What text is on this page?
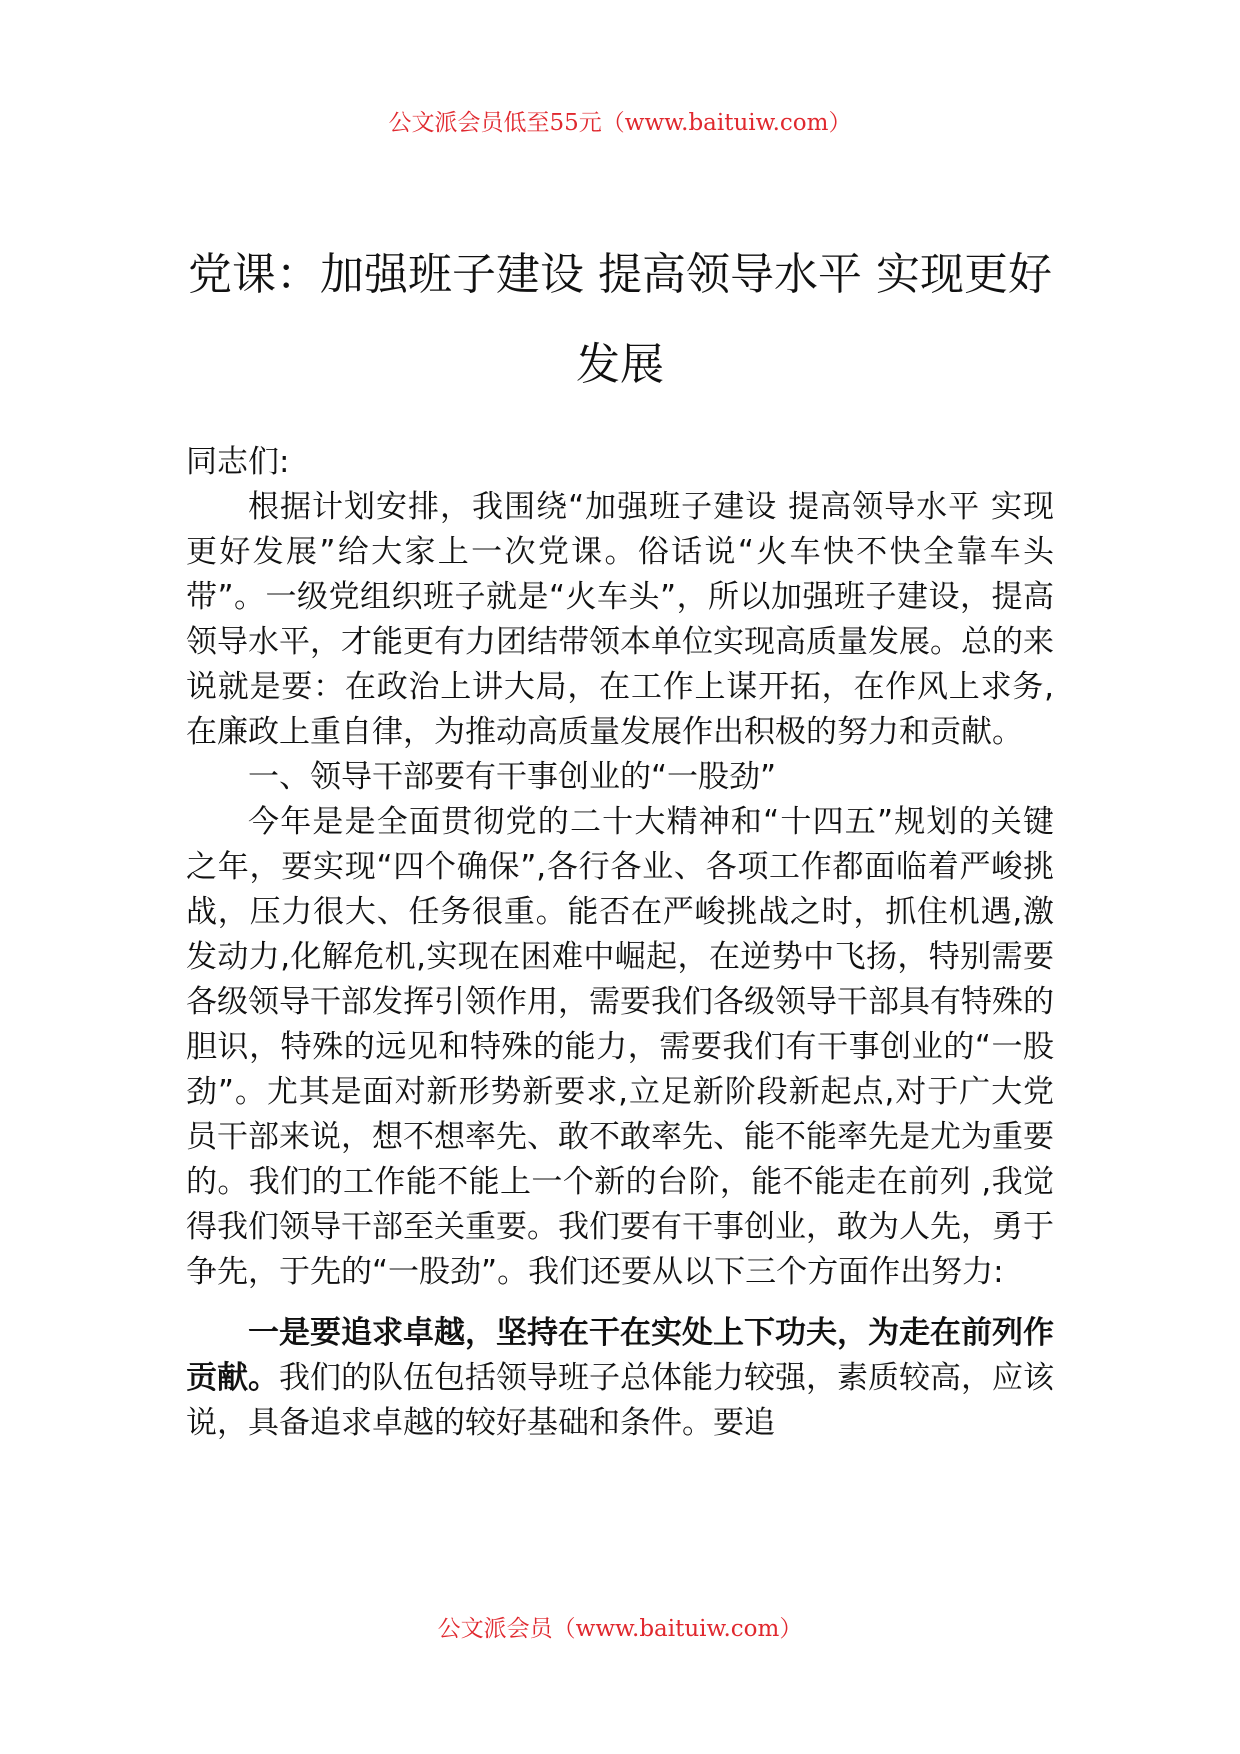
公文派会员低至55元（www.baituiw.com）
党课：加强班子建设 提高领导水平 实现更好发展

同志们:

根据计划安排，我围绕“加强班子建设 提高领导水平 实现更好发展”给大家上一次党课。俗话说“火车快不快全靠车头带”。一级党组织班子就是“火车头”，所以加强班子建设，提高领导水平，才能更有力团结带领本单位实现高质量发展。总的来说就是要：在政治上讲大局，在工作上谋开拓，在作风上求务,在廉政上重自律，为推动高质量发展作出积极的努力和贡献。

一、领导干部要有干事创业的“一股劲”

今年是是全面贯彻党的二十大精神和“十四五”规划的关键之年，要实现“四个确保”,各行各业、各项工作都面临着严峻挑战，压力很大、任务很重。能否在严峻挑战之时，抓住机遇,激发动力,化解危机,实现在困难中崛起，在逆势中飞扬，特别需要各级领导干部发挥引领作用，需要我们各级领导干部具有特殊的胆识，特殊的远见和特殊的能力，需要我们有干事创业的“一股劲”。尤其是面对新形势新要求,立足新阶段新起点,对于广大党员干部来说，想不想率先、敢不敢率先、能不能率先是尤为重要的。我们的工作能不能上一个新的台阶，能不能走在前列 ,我觉得我们领导干部至关重要。我们要有干事创业，敢为人先，勇于争先，于先的“一股劲”。我们还要从以下三个方面作出努力:

一是要追求卓越，坚持在干在实处上下功夫，为走在前列作贡献。我们的队伍包括领导班子总体能力较强，素质较高，应该说，具备追求卓越的较好基础和条件。要追

公文派会员（www.baituiw.com）
